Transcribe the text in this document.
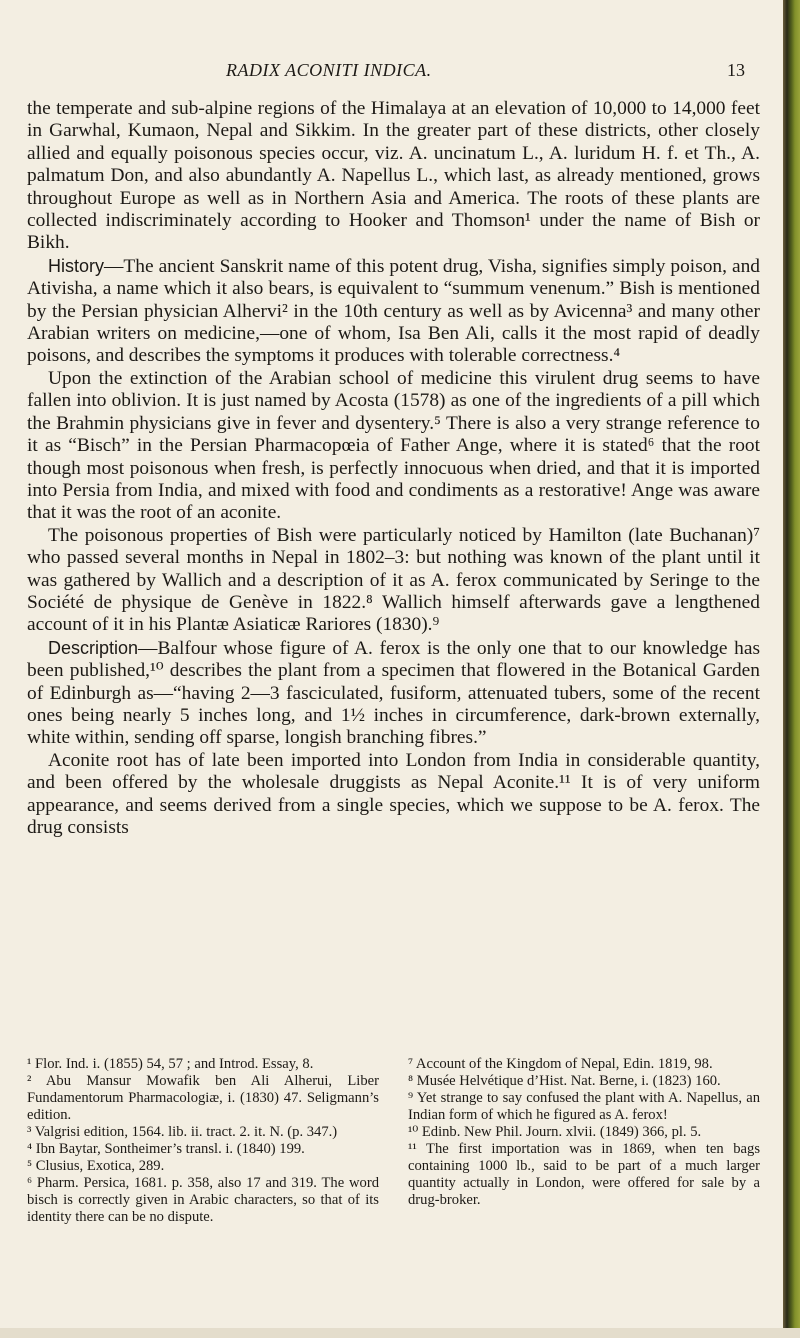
RADIX ACONITI INDICA.	13

the temperate and sub-alpine regions of the Himalaya at an elevation of 10,000 to 14,000 feet in Garwhal, Kumaon, Nepal and Sikkim. In the greater part of these districts, other closely allied and equally poisonous species occur, viz. A. uncinatum L., A. luridum H. f. et Th., A. palmatum Don, and also abundantly A. Napellus L., which last, as already mentioned, grows throughout Europe as well as in Northern Asia and America. The roots of these plants are collected indiscriminately according to Hooker and Thomson¹ under the name of Bish or Bikh.

History—The ancient Sanskrit name of this potent drug, Visha, signifies simply poison, and Ativisha, a name which it also bears, is equivalent to “summum venenum.” Bish is mentioned by the Persian physician Alhervi² in the 10th century as well as by Avicenna³ and many other Arabian writers on medicine,—one of whom, Isa Ben Ali, calls it the most rapid of deadly poisons, and describes the symptoms it produces with tolerable correctness.⁴

Upon the extinction of the Arabian school of medicine this virulent drug seems to have fallen into oblivion. It is just named by Acosta (1578) as one of the ingredients of a pill which the Brahmin physicians give in fever and dysentery.⁵ There is also a very strange reference to it as “Bisch” in the Persian Pharmacopœia of Father Ange, where it is stated⁶ that the root though most poisonous when fresh, is perfectly innocuous when dried, and that it is imported into Persia from India, and mixed with food and condiments as a restorative! Ange was aware that it was the root of an aconite.

The poisonous properties of Bish were particularly noticed by Hamilton (late Buchanan)⁷ who passed several months in Nepal in 1802–3: but nothing was known of the plant until it was gathered by Wallich and a description of it as A. ferox communicated by Seringe to the Société de physique de Genève in 1822.⁸ Wallich himself afterwards gave a lengthened account of it in his Plantæ Asiaticæ Rariores (1830).⁹

Description—Balfour whose figure of A. ferox is the only one that to our knowledge has been published,¹⁰ describes the plant from a specimen that flowered in the Botanical Garden of Edinburgh as—“having 2—3 fasciculated, fusiform, attenuated tubers, some of the recent ones being nearly 5 inches long, and 1½ inches in circumference, dark-brown externally, white within, sending off sparse, longish branching fibres.”

Aconite root has of late been imported into London from India in considerable quantity, and been offered by the wholesale druggists as Nepal Aconite.¹¹ It is of very uniform appearance, and seems derived from a single species, which we suppose to be A. ferox. The drug consists

¹ Flor. Ind. i. (1855) 54, 57 ; and Introd. Essay, 8.

² Abu Mansur Mowafik ben Ali Alherui, Liber Fundamentorum Pharmacologiæ, i. (1830) 47. Seligmann’s edition.

³ Valgrisi edition, 1564. lib. ii. tract. 2. it. N. (p. 347.)

⁴ Ibn Baytar, Sontheimer’s transl. i. (1840) 199.

⁵ Clusius, Exotica, 289.

⁶ Pharm. Persica, 1681. p. 358, also 17 and 319. The word bisch is correctly given in Arabic characters, so that of its identity there can be no dispute.

⁷ Account of the Kingdom of Nepal, Edin. 1819, 98.

⁸ Musée Helvétique d’Hist. Nat. Berne, i. (1823) 160.

⁹ Yet strange to say confused the plant with A. Napellus, an Indian form of which he figured as A. ferox!

¹⁰ Edinb. New Phil. Journ. xlvii. (1849) 366, pl. 5.

¹¹ The first importation was in 1869, when ten bags containing 1000 lb., said to be part of a much larger quantity actually in London, were offered for sale by a drug-broker.
